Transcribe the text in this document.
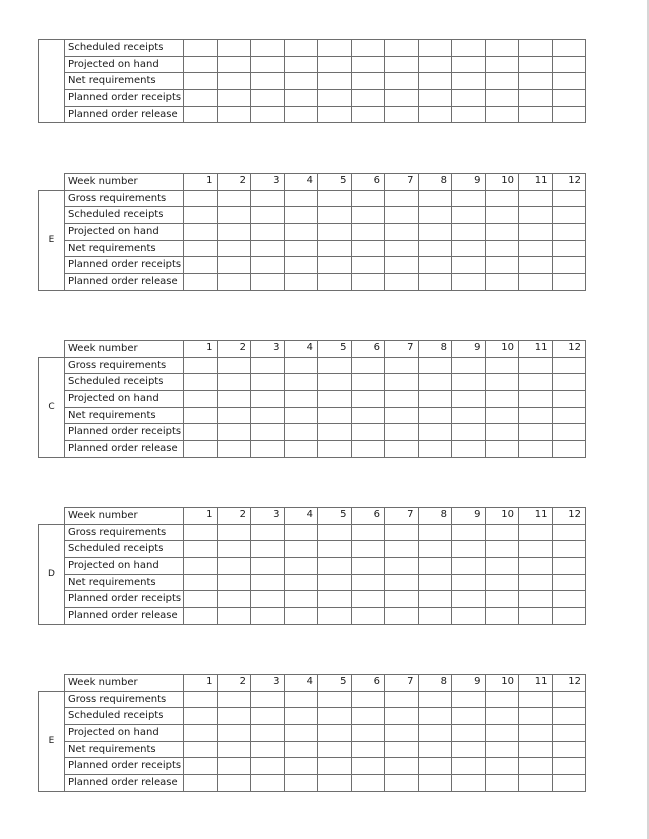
	Scheduled receipts												
	Projected on hand												
	Net requirements												
	Planned order receipts												
	Planned order release												
	Week number	1	2	3	4	5	6	7	8	9	10	11	12
E	Gross requirements												
	Scheduled receipts												
	Projected on hand												
	Net requirements												
	Planned order receipts												
	Planned order release												
	Week number	1	2	3	4	5	6	7	8	9	10	11	12
C	Gross requirements												
	Scheduled receipts												
	Projected on hand												
	Net requirements												
	Planned order receipts												
	Planned order release												
	Week number	1	2	3	4	5	6	7	8	9	10	11	12
D	Gross requirements												
	Scheduled receipts												
	Projected on hand												
	Net requirements												
	Planned order receipts												
	Planned order release												
	Week number	1	2	3	4	5	6	7	8	9	10	11	12
E	Gross requirements												
	Scheduled receipts												
	Projected on hand												
	Net requirements												
	Planned order receipts												
	Planned order release												
